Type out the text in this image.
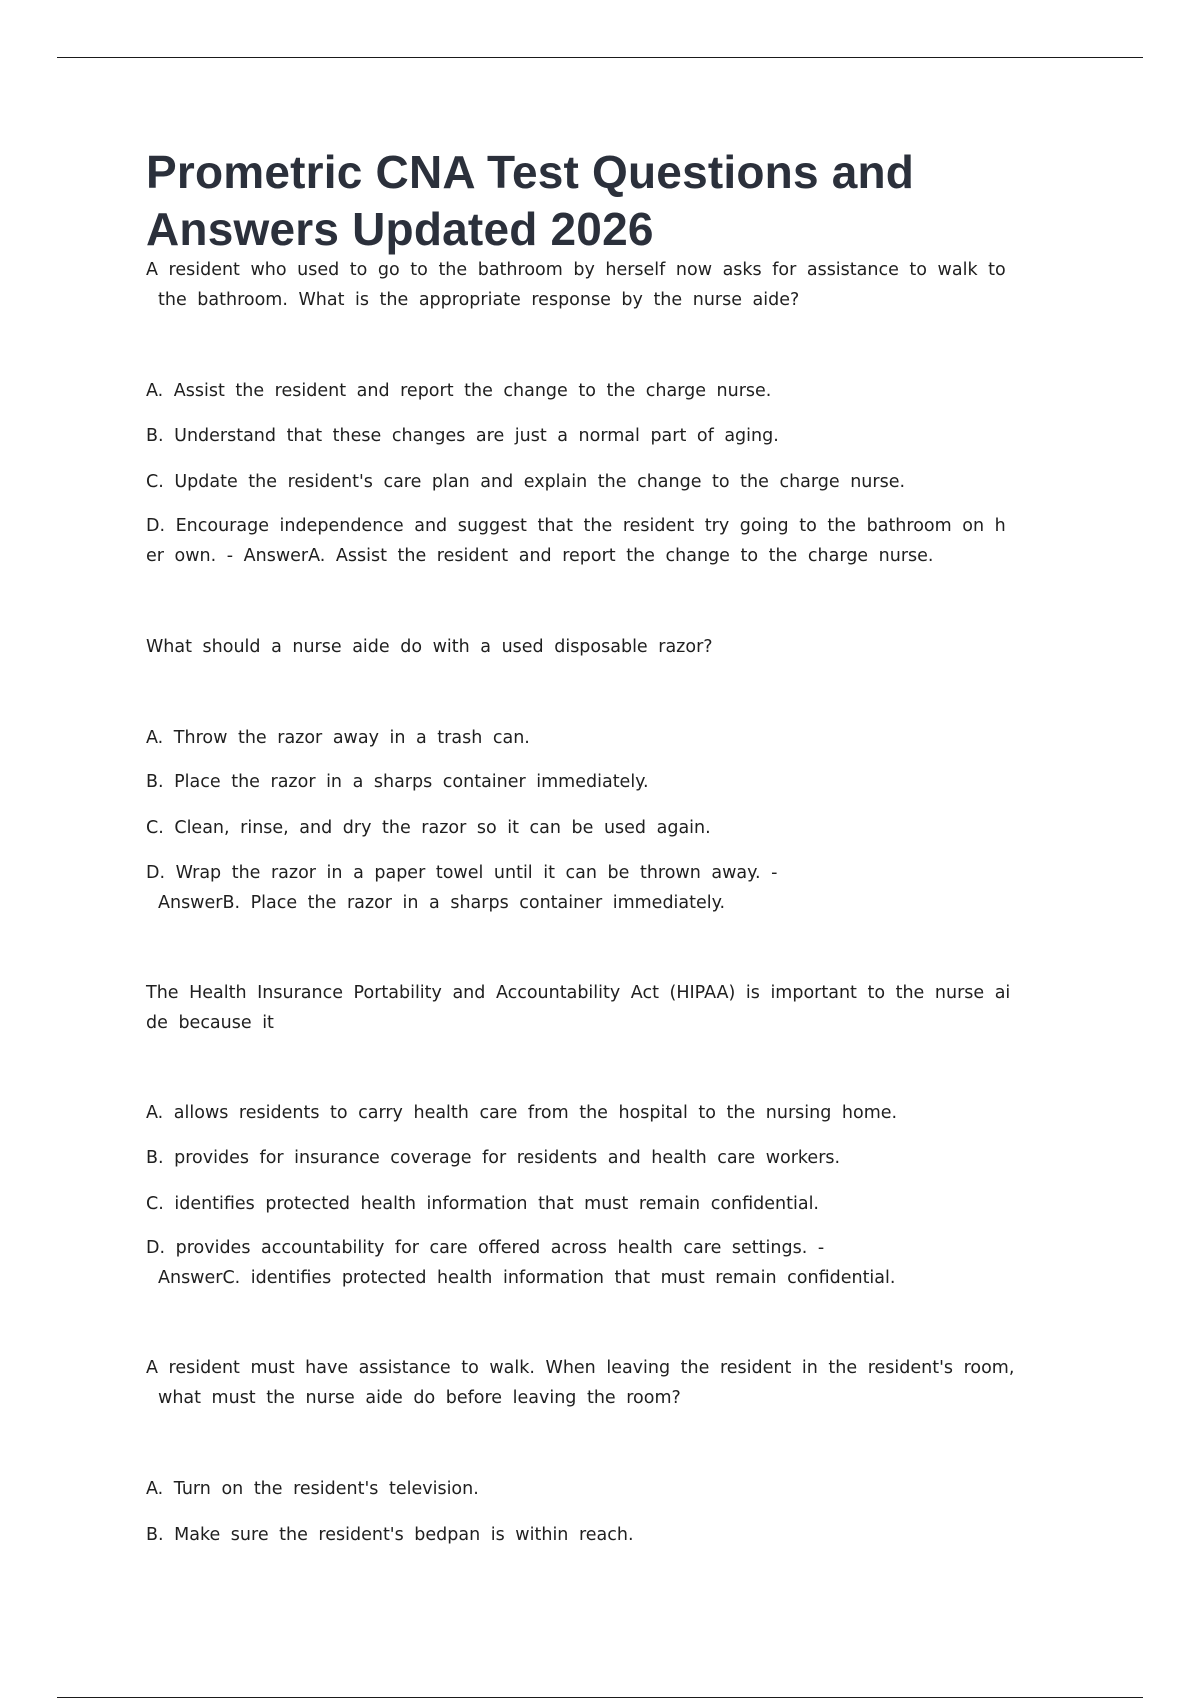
Prometric CNA Test Questions and
Answers Updated 2026

A resident who used to go to the bathroom by herself now asks for assistance to walk to
the bathroom. What is the appropriate response by the nurse aide?

A. Assist the resident and report the change to the charge nurse.

B. Understand that these changes are just a normal part of aging.

C. Update the resident's care plan and explain the change to the charge nurse.

D. Encourage independence and suggest that the resident try going to the bathroom on h
er own. - AnswerA. Assist the resident and report the change to the charge nurse.

What should a nurse aide do with a used disposable razor?

A. Throw the razor away in a trash can.

B. Place the razor in a sharps container immediately.

C. Clean, rinse, and dry the razor so it can be used again.

D. Wrap the razor in a paper towel until it can be thrown away. -
AnswerB. Place the razor in a sharps container immediately.

The Health Insurance Portability and Accountability Act (HIPAA) is important to the nurse ai
de because it

A. allows residents to carry health care from the hospital to the nursing home.

B. provides for insurance coverage for residents and health care workers.

C. identifies protected health information that must remain confidential.

D. provides accountability for care offered across health care settings. -
AnswerC. identifies protected health information that must remain confidential.

A resident must have assistance to walk. When leaving the resident in the resident's room,
what must the nurse aide do before leaving the room?

A. Turn on the resident's television.

B. Make sure the resident's bedpan is within reach.
